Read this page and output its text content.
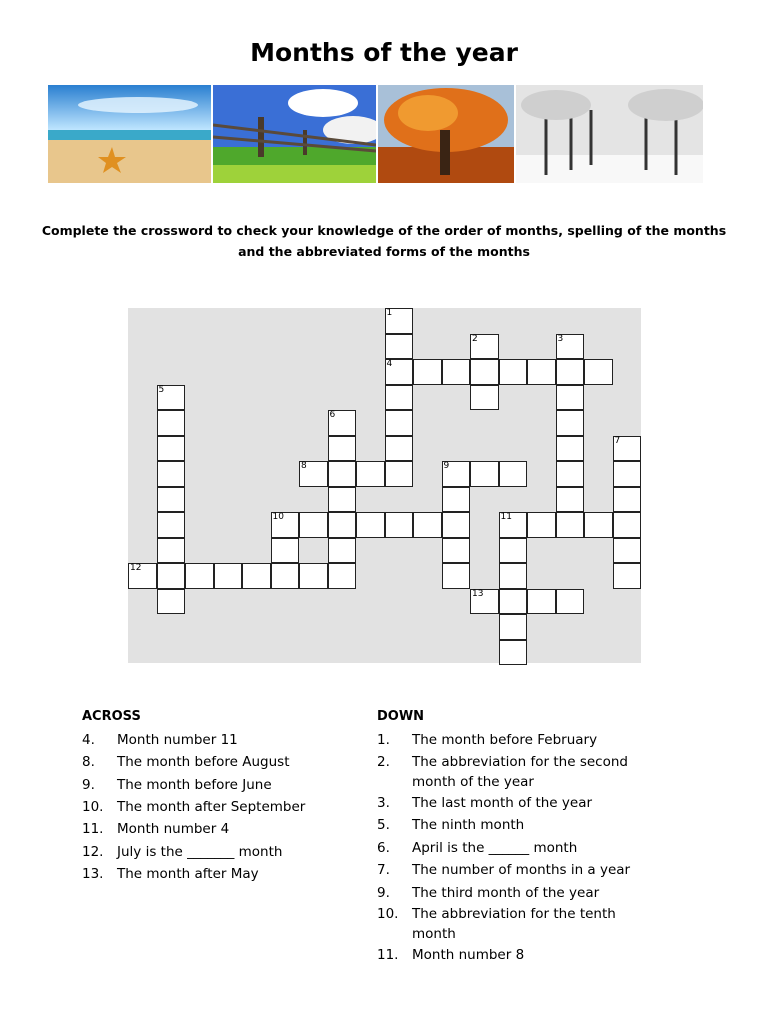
Months of the year
Complete the crossword to check your knowledge of the order of months, spelling of the months
and the abbreviated forms of the months
1
4
2	3
5
6
7
8	9
10	11
12
13
ACROSS
4. Month number 11
8. The month before August
9. The month before June
10. The month after September
11. Month number 4
12. July is the _______ month
13. The month after May
DOWN
1. The month before February
2. The abbreviation for the second month of the year
3. The last month of the year
5. The ninth month
6. April is the ______ month
7. The number of months in a year
9. The third month of the year
10. The abbreviation for the tenth month
11. Month number 8
